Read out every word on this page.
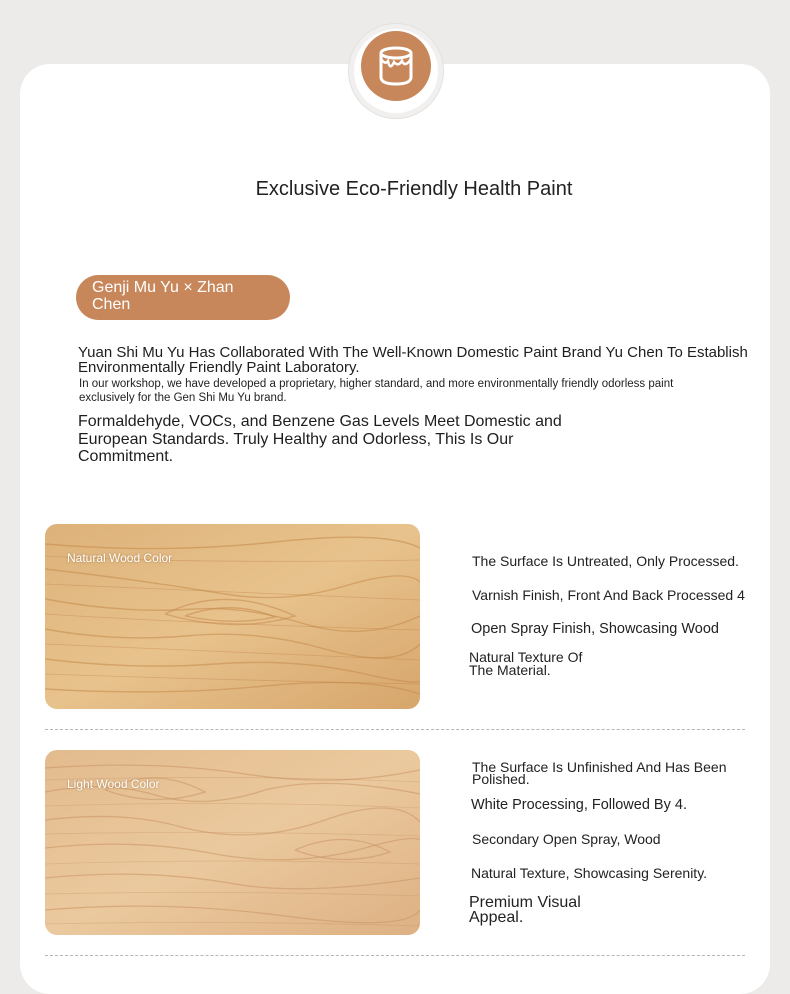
Exclusive Eco-Friendly Health Paint
Genji Mu Yu × Zhan
Chen
Yuan Shi Mu Yu Has Collaborated With The Well-Known Domestic Paint Brand Yu Chen To Establish
Environmentally Friendly Paint Laboratory.
In our workshop, we have developed a proprietary, higher standard, and more environmentally friendly odorless paint
exclusively for the Gen Shi Mu Yu brand.
Formaldehyde, VOCs, and Benzene Gas Levels Meet Domestic and
European Standards. Truly Healthy and Odorless, This Is Our
Commitment.
Natural Wood Color	The Surface Is Untreated, Only Processed.
Varnish Finish, Front And Back Processed 4
Open Spray Finish, Showcasing Wood
Natural Texture Of
The Material.
Light Wood Color
The Surface Is Unfinished And Has Been
Polished.
White Processing, Followed By 4.
Secondary Open Spray, Wood
Natural Texture, Showcasing Serenity.
Premium Visual
Appeal.
